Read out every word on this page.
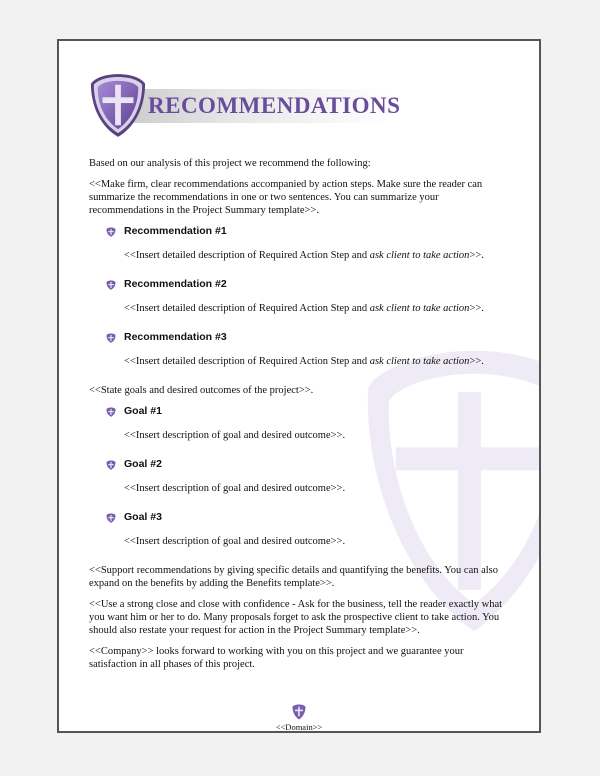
RECOMMENDATIONS

Based on our analysis of this project we recommend the following:

<<Make firm, clear recommendations accompanied by action steps. Make sure the reader can summarize the recommendations in one or two sentences. You can summarize your recommendations in the Project Summary template>>.

Recommendation #1
<<Insert detailed description of Required Action Step and ask client to take action>>.
Recommendation #2
<<Insert detailed description of Required Action Step and ask client to take action>>.
Recommendation #3
<<Insert detailed description of Required Action Step and ask client to take action>>.

<<State goals and desired outcomes of the project>>.

Goal #1
<<Insert description of goal and desired outcome>>.
Goal #2
<<Insert description of goal and desired outcome>>.
Goal #3
<<Insert description of goal and desired outcome>>.

<<Support recommendations by giving specific details and quantifying the benefits. You can also expand on the benefits by adding the Benefits template>>.

<<Use a strong close and close with confidence - Ask for the business, tell the reader exactly what you want him or her to do. Many proposals forget to ask the prospective client to take action. You should also restate your request for action in the Project Summary template>>.

<<Company>> looks forward to working with you on this project and we guarantee your satisfaction in all phases of this project.

<<Domain>>
